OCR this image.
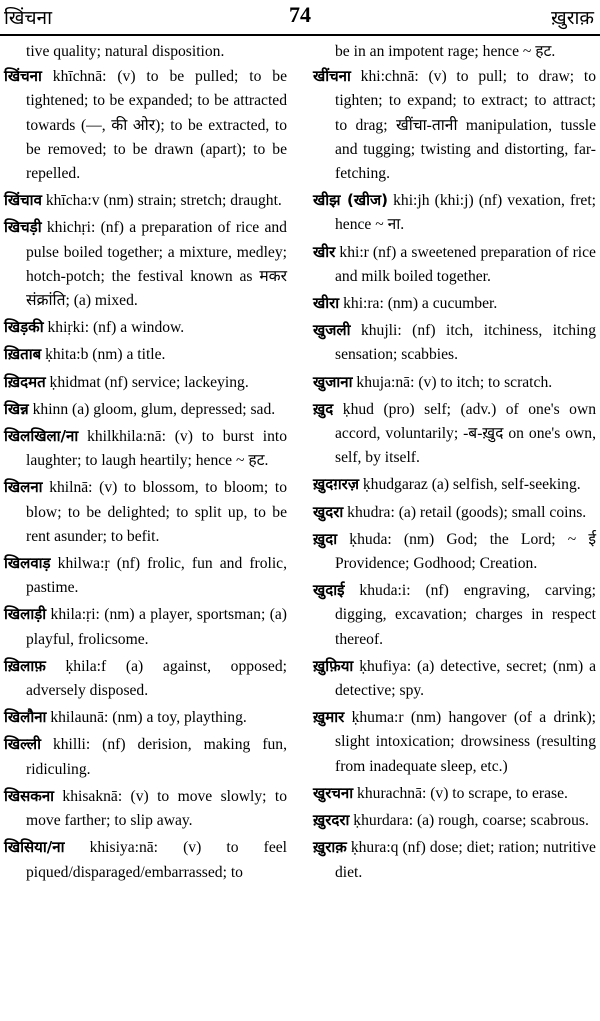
खिंचना	74	ख़ुराक़
tive quality; natural disposition.
खिंचना khīchnā: (v) to be pulled; to be tightened; to be expanded; to be attracted towards (—, की ओर); to be extracted, to be removed; to be drawn (apart); to be repelled.
खिंचाव khīcha:v (nm) strain; stretch; draught.
खिचड़ी khichṛi: (nf) a preparation of rice and pulse boiled together; a mixture, medley; hotch-potch; the festival known as मकर संक्रांति; (a) mixed.
खिड़की khiṛki: (nf) a window.
ख़िताब ḳhita:b (nm) a title.
ख़िदमत ḳhidmat (nf) service; lackeying.
खिन्न khinn (a) gloom, glum, depressed; sad.
खिलखिला/ना khilkhila:nā: (v) to burst into laughter; to laugh heartily; hence ~ हट.
खिलना khilnā: (v) to blossom, to bloom; to blow; to be delighted; to split up, to be rent asunder; to befit.
खिलवाड़ khilwa:ṛ (nf) frolic, fun and frolic, pastime.
खिलाड़ी khila:ṛi: (nm) a player, sportsman; (a) playful, frolicsome.
ख़िलाफ़ ḳhila:f (a) against, opposed; adversely disposed.
खिलौना khilaunā: (nm) a toy, plaything.
खिल्ली khilli: (nf) derision, making fun, ridiculing.
खिसकना khisaknā: (v) to move slowly; to move farther; to slip away.
खिसिया/ना khisiya:nā: (v) to feel piqued/disparaged/embarrassed; to
be in an impotent rage; hence ~ हट.
खींचना khi:chnā: (v) to pull; to draw; to tighten; to expand; to extract; to attract; to drag; खींचा-तानी manipulation, tussle and tugging; twisting and distorting, far-fetching.
खीझ (खीज) khi:jh (khi:j) (nf) vexation, fret; hence ~ ना.
खीर khi:r (nf) a sweetened preparation of rice and milk boiled together.
खीरा khi:ra: (nm) a cucumber.
खुजली khujli: (nf) itch, itchiness, itching sensation; scabbies.
खुजाना khuja:nā: (v) to itch; to scratch.
ख़ुद ḳhud (pro) self; (adv.) of one's own accord, voluntarily; -ब-ख़ुद on one's own, self, by itself.
ख़ुदग़रज़ ḳhudgaraz (a) selfish, self-seeking.
खुदरा khudra: (a) retail (goods); small coins.
ख़ुदा ḳhuda: (nm) God; the Lord; ~ ई Providence; Godhood; Creation.
खुदाई khuda:i: (nf) engraving, carving; digging, excavation; charges in respect thereof.
ख़ुफ़िया ḳhufiya: (a) detective, secret; (nm) a detective; spy.
ख़ुमार ḳhuma:r (nm) hangover (of a drink); slight intoxication; drowsiness (resulting from inadequate sleep, etc.)
खुरचना khurachnā: (v) to scrape, to erase.
ख़ुरदरा ḳhurdara: (a) rough, coarse; scabrous.
ख़ुराक़ ḳhura:q (nf) dose; diet; ration; nutritive diet.
